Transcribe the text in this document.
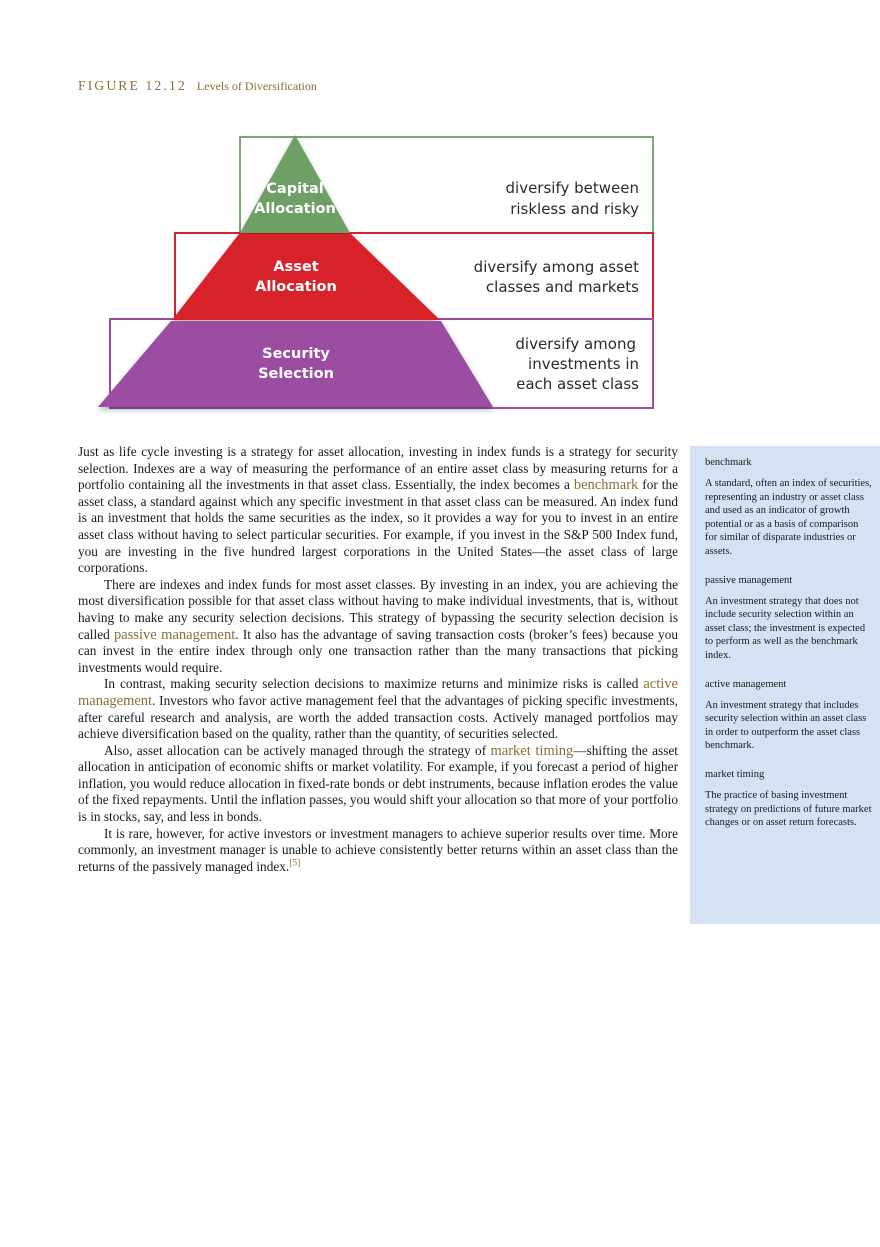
FIGURE 12.12 Levels of Diversification
Capital
Allocation
Asset
Allocation
Security
Selection
diversify between
riskless and risky
diversify among asset
classes and markets
diversify among
investments in
each asset class

Just as life cycle investing is a strategy for asset allocation, investing in index funds is a strategy for security selection. Indexes are a way of measuring the performance of an entire asset class by measuring returns for a portfolio containing all the investments in that asset class. Essentially, the index becomes a benchmark for the asset class, a standard against which any specific investment in that asset class can be measured. An index fund is an investment that holds the same securities as the index, so it provides a way for you to invest in an entire asset class without having to select particular securities. For example, if you invest in the S&P 500 Index fund, you are investing in the five hundred largest corporations in the United States—the asset class of large corporations.

There are indexes and index funds for most asset classes. By investing in an index, you are achieving the most diversification possible for that asset class without having to make individual investments, that is, without having to make any security selection decisions. This strategy of bypassing the security selection decision is called passive management. It also has the advantage of saving transaction costs (broker’s fees) because you can invest in the entire index through only one transaction rather than the many transactions that picking investments would require.

In contrast, making security selection decisions to maximize returns and minimize risks is called active management. Investors who favor active management feel that the advantages of picking specific investments, after careful research and analysis, are worth the added transaction costs. Actively managed portfolios may achieve diversification based on the quality, rather than the quantity, of securities selected.

Also, asset allocation can be actively managed through the strategy of market timing—shifting the asset allocation in anticipation of economic shifts or market volatility. For example, if you forecast a period of higher inflation, you would reduce allocation in fixed-rate bonds or debt instruments, because inflation erodes the value of the fixed repayments. Until the inflation passes, you would shift your allocation so that more of your portfolio is in stocks, say, and less in bonds.

It is rare, however, for active investors or investment managers to achieve superior results over time. More commonly, an investment manager is unable to achieve consistently better returns within an asset class than the returns of the passively managed index.[5]

benchmark
A standard, often an index of securities, representing an industry or asset class and used as an indicator of growth potential or as a basis of comparison for similar of disparate industries or assets.
passive management
An investment strategy that does not include security selection within an asset class; the investment is expected to perform as well as the benchmark index.
active management
An investment strategy that includes security selection within an asset class in order to outperform the asset class benchmark.
market timing
The practice of basing investment strategy on predictions of future market changes or on asset return forecasts.
